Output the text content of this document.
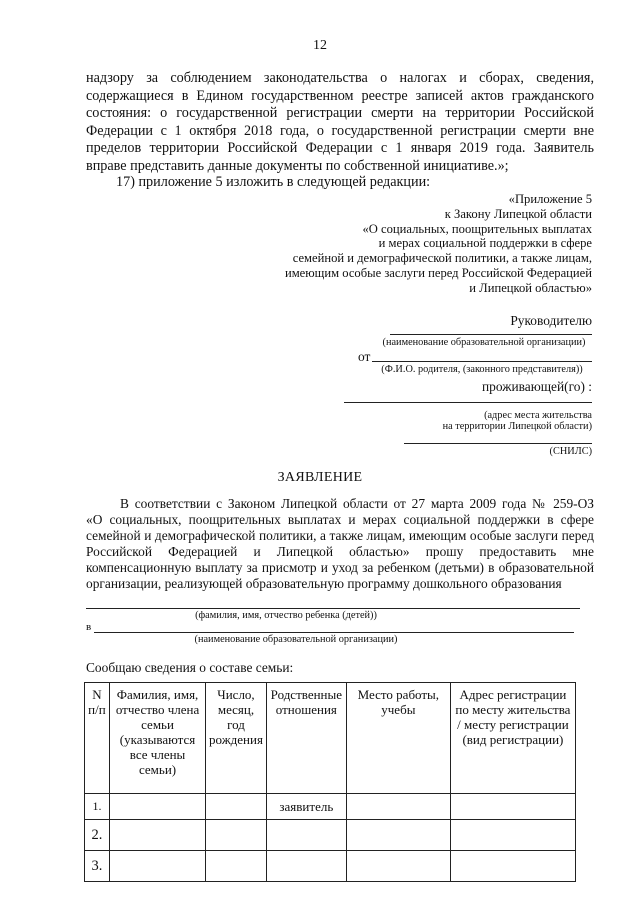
12
надзору за соблюдением законодательства о налогах и сборах, сведения,
содержащиеся в Едином государственном реестре записей актов гражданского
состояния: о государственной регистрации смерти на территории Российской
Федерации с 1 октября 2018 года, о государственной регистрации смерти вне
пределов территории Российской Федерации с 1 января 2019 года. Заявитель
вправе представить данные документы по собственной инициативе.»;
17) приложение 5 изложить в следующей редакции:
«Приложение 5
к Закону Липецкой области
«О социальных, поощрительных выплатах
и мерах социальной поддержки в сфере
семейной и демографической политики, а также лицам,
имеющим особые заслуги перед Российской Федерацией
и Липецкой областью»
Руководителю
(наименование образовательной организации)
от
(Ф.И.О. родителя, (законного представителя))
проживающей(го) :
(адрес места жительства
на территории Липецкой области)
(СНИЛС)
ЗАЯВЛЕНИЕ
В соответствии с Законом Липецкой области от 27 марта 2009 года № 259-ОЗ
«О социальных, поощрительных выплатах и мерах социальной поддержки в сфере
семейной и демографической политики, а также лицам, имеющим особые заслуги перед
Российской Федерацией и Липецкой областью» прошу предоставить мне
компенсационную выплату за присмотр и уход за ребенком (детьми) в образовательной
организации, реализующей образовательную программу дошкольного образования
(фамилия, имя, отчество ребенка (детей))
в
(наименование образовательной организации)
Сообщаю сведения о составе семьи:
N п/п	Фамилия, имя, отчество члена семьи (указываются все члены семьи)	Число, месяц, год рождения	Родственные отношения	Место работы, учебы	Адрес регистрации по месту жительства / месту регистрации (вид регистрации)
1.			заявитель		
2.					
3.					
